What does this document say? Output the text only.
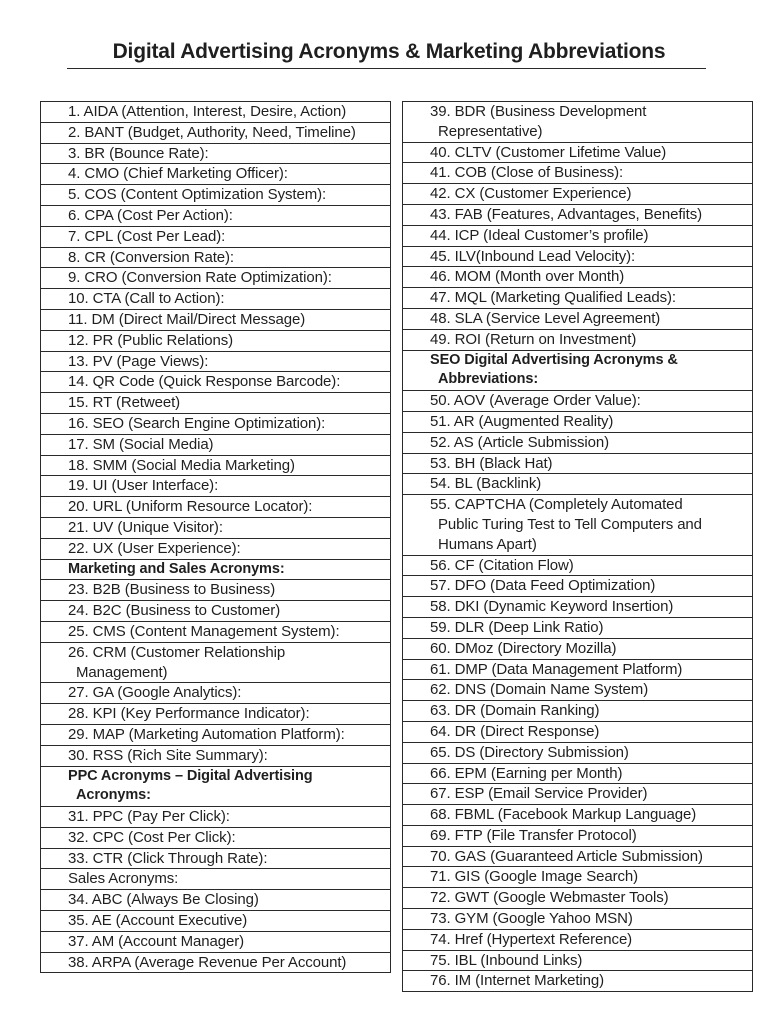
Digital Advertising Acronyms & Marketing Abbreviations
1. AIDA (Attention, Interest, Desire, Action)
2. BANT (Budget, Authority, Need, Timeline)
3. BR (Bounce Rate):
4. CMO (Chief Marketing Officer):
5. COS (Content Optimization System):
6. CPA (Cost Per Action):
7. CPL (Cost Per Lead):
8. CR (Conversion Rate):
9. CRO (Conversion Rate Optimization):
10. CTA (Call to Action):
11. DM (Direct Mail/Direct Message)
12. PR (Public Relations)
13. PV (Page Views):
14. QR Code (Quick Response Barcode):
15. RT (Retweet)
16. SEO (Search Engine Optimization):
17. SM (Social Media)
18. SMM (Social Media Marketing)
19. UI (User Interface):
20. URL (Uniform Resource Locator):
21. UV (Unique Visitor):
22. UX (User Experience):
Marketing and Sales Acronyms:
23. B2B (Business to Business)
24. B2C (Business to Customer)
25. CMS (Content Management System):
26. CRM (Customer Relationship
Management)
27. GA (Google Analytics):
28. KPI (Key Performance Indicator):
29. MAP (Marketing Automation Platform):
30. RSS (Rich Site Summary):
PPC Acronyms – Digital Advertising
Acronyms:
31. PPC (Pay Per Click):
32. CPC (Cost Per Click):
33. CTR (Click Through Rate):
Sales Acronyms:
34. ABC (Always Be Closing)
35. AE (Account Executive)
37. AM (Account Manager)
38. ARPA (Average Revenue Per Account)
39. BDR (Business Development
Representative)
40. CLTV (Customer Lifetime Value)
41. COB (Close of Business):
42. CX (Customer Experience)
43. FAB (Features, Advantages, Benefits)
44. ICP (Ideal Customer’s profile)
45. ILV(Inbound Lead Velocity):
46. MOM (Month over Month)
47. MQL (Marketing Qualified Leads):
48. SLA (Service Level Agreement)
49. ROI (Return on Investment)
SEO Digital Advertising Acronyms &
Abbreviations:
50. AOV (Average Order Value):
51. AR (Augmented Reality)
52. AS (Article Submission)
53. BH (Black Hat)
54. BL (Backlink)
55. CAPTCHA (Completely Automated
Public Turing Test to Tell Computers and
Humans Apart)
56. CF (Citation Flow)
57. DFO (Data Feed Optimization)
58. DKI (Dynamic Keyword Insertion)
59. DLR (Deep Link Ratio)
60. DMoz (Directory Mozilla)
61. DMP (Data Management Platform)
62. DNS (Domain Name System)
63. DR (Domain Ranking)
64. DR (Direct Response)
65. DS (Directory Submission)
66. EPM (Earning per Month)
67. ESP (Email Service Provider)
68. FBML (Facebook Markup Language)
69. FTP (File Transfer Protocol)
70. GAS (Guaranteed Article Submission)
71. GIS (Google Image Search)
72. GWT (Google Webmaster Tools)
73. GYM (Google Yahoo MSN)
74. Href (Hypertext Reference)
75. IBL (Inbound Links)
76. IM (Internet Marketing)
